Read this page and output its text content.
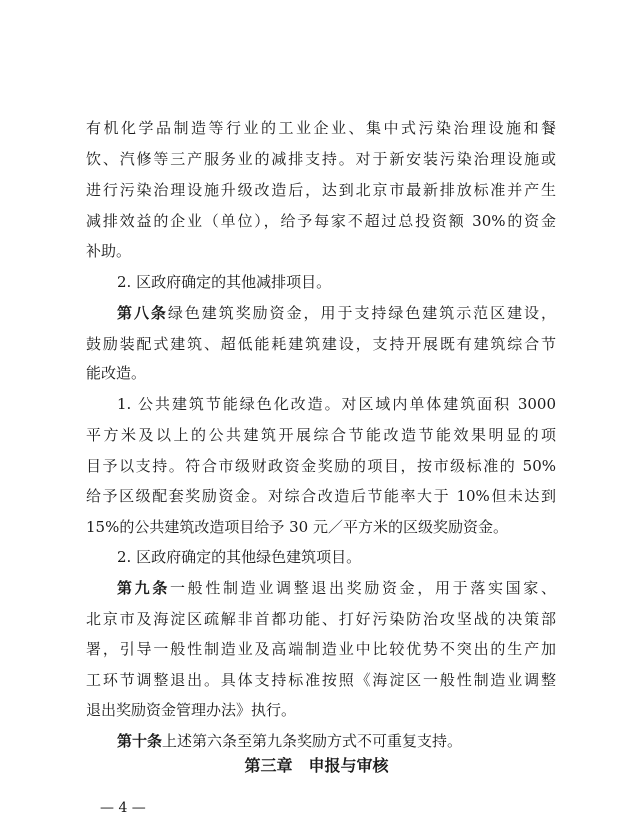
有机化学品制造等行业的工业企业、集中式污染治理设施和餐
饮、汽修等三产服务业的减排支持。对于新安装污染治理设施或
进行污染治理设施升级改造后，达到北京市最新排放标准并产生
减排效益的企业（单位），给予每家不超过总投资额 30%的资金
补助。
2. 区政府确定的其他减排项目。
第八条绿色建筑奖励资金，用于支持绿色建筑示范区建设，
鼓励装配式建筑、超低能耗建筑建设，支持开展既有建筑综合节
能改造。
1. 公共建筑节能绿色化改造。对区域内单体建筑面积 3000
平方米及以上的公共建筑开展综合节能改造节能效果明显的项
目予以支持。符合市级财政资金奖励的项目，按市级标准的 50%
给予区级配套奖励资金。对综合改造后节能率大于 10%但未达到
15%的公共建筑改造项目给予 30 元／平方米的区级奖励资金。
2. 区政府确定的其他绿色建筑项目。
第九条一般性制造业调整退出奖励资金，用于落实国家、
北京市及海淀区疏解非首都功能、打好污染防治攻坚战的决策部
署，引导一般性制造业及高端制造业中比较优势不突出的生产加
工环节调整退出。具体支持标准按照《海淀区一般性制造业调整
退出奖励资金管理办法》执行。
第十条上述第六条至第九条奖励方式不可重复支持。
第三章　申报与审核
— 4 —
